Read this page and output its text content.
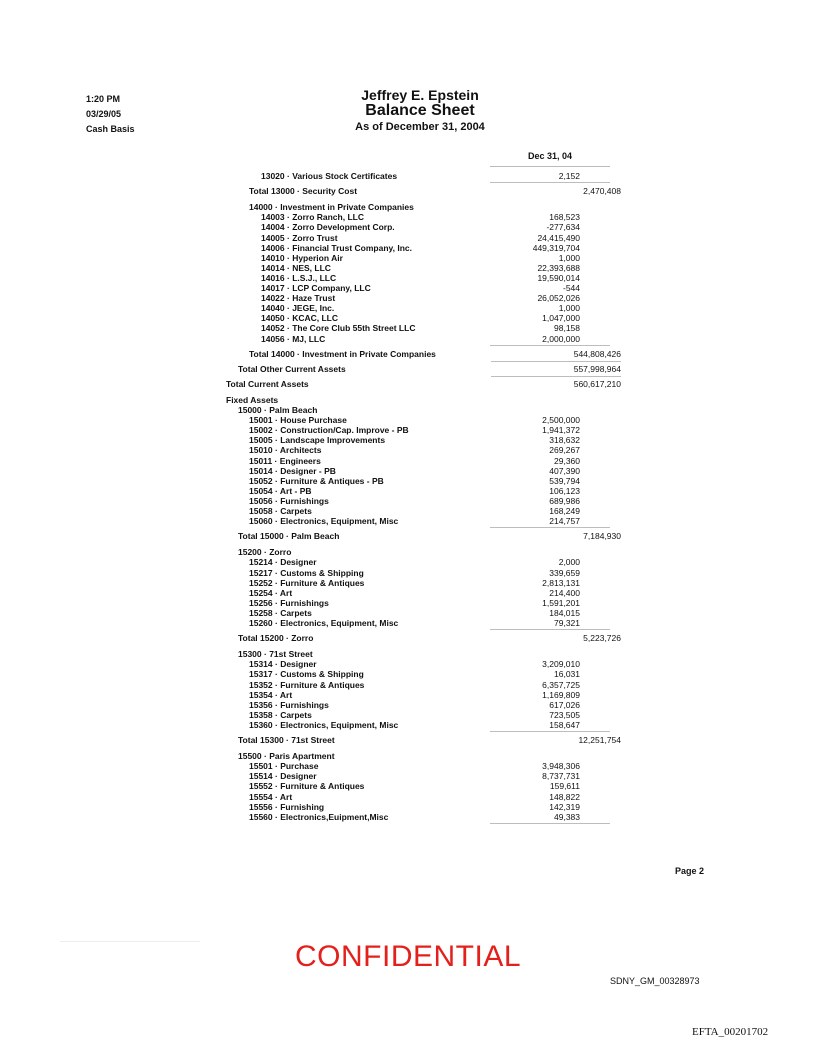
1:20 PM
03/29/05
Cash Basis
Jeffrey E. Epstein
Balance Sheet
As of December 31, 2004
Dec 31, 04
13020 · Various Stock Certificates	2,152
Total 13000 · Security Cost	2,470,408
14000 · Investment in Private Companies
14003 · Zorro Ranch, LLC	168,523
14004 · Zorro Development Corp.	-277,634
14005 · Zorro Trust	24,415,490
14006 · Financial Trust Company, Inc.	449,319,704
14010 · Hyperion Air	1,000
14014 · NES, LLC	22,393,688
14016 · L.S.J., LLC	19,590,014
14017 · LCP Company, LLC	-544
14022 · Haze Trust	26,052,026
14040 · JEGE, Inc.	1,000
14050 · KCAC, LLC	1,047,000
14052 · The Core Club 55th Street LLC	98,158
14056 · MJ, LLC	2,000,000
Total 14000 · Investment in Private Companies	544,808,426
Total Other Current Assets	557,998,964
Total Current Assets	560,617,210
Fixed Assets
15000 · Palm Beach
15001 · House Purchase	2,500,000
15002 · Construction/Cap. Improve - PB	1,941,372
15005 · Landscape Improvements	318,632
15010 · Architects	269,267
15011 · Engineers	29,360
15014 · Designer - PB	407,390
15052 · Furniture & Antiques - PB	539,794
15054 · Art - PB	106,123
15056 · Furnishings	689,986
15058 · Carpets	168,249
15060 · Electronics, Equipment, Misc	214,757
Total 15000 · Palm Beach	7,184,930
15200 · Zorro
15214 · Designer	2,000
15217 · Customs & Shipping	339,659
15252 · Furniture & Antiques	2,813,131
15254 · Art	214,400
15256 · Furnishings	1,591,201
15258 · Carpets	184,015
15260 · Electronics, Equipment, Misc	79,321
Total 15200 · Zorro	5,223,726
15300 · 71st Street
15314 · Designer	3,209,010
15317 · Customs & Shipping	16,031
15352 · Furniture & Antiques	6,357,725
15354 · Art	1,169,809
15356 · Furnishings	617,026
15358 · Carpets	723,505
15360 · Electronics, Equipment, Misc	158,647
Total 15300 · 71st Street	12,251,754
15500 · Paris Apartment
15501 · Purchase	3,948,306
15514 · Designer	8,737,731
15552 · Furniture & Antiques	159,611
15554 · Art	148,822
15556 · Furnishing	142,319
15560 · Electronics,Euipment,Misc	49,383
Page 2
CONFIDENTIAL
SDNY_GM_00328973
EFTA_00201702
